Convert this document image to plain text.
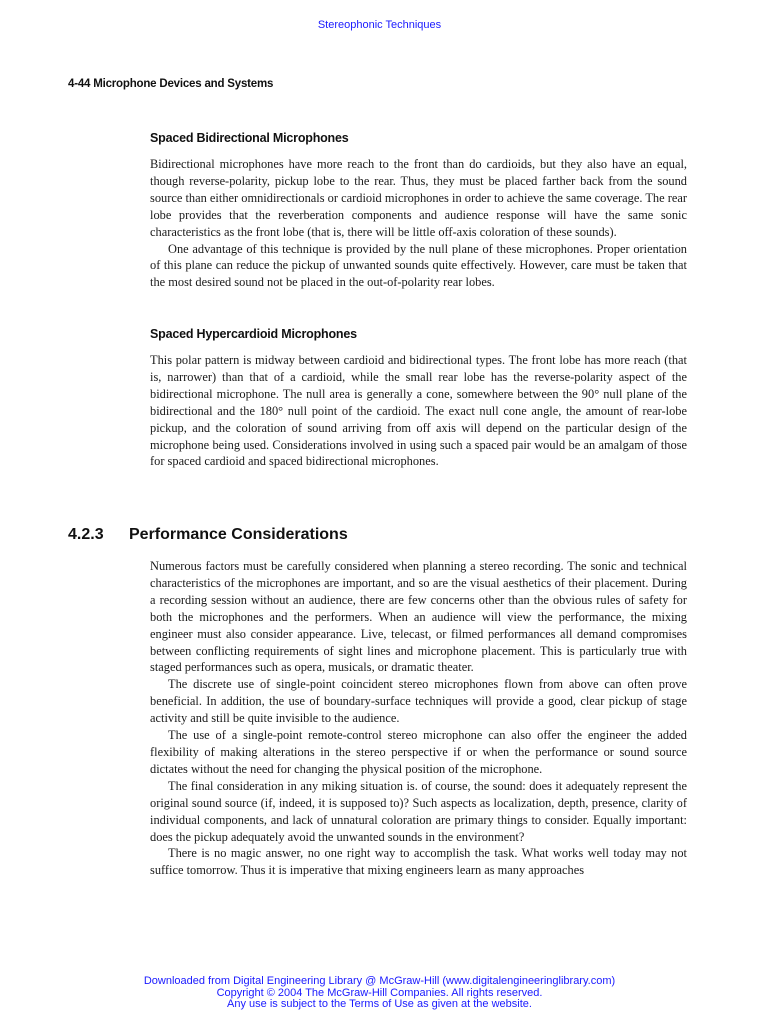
Stereophonic Techniques
4-44 Microphone Devices and Systems
Spaced Bidirectional Microphones

Bidirectional microphones have more reach to the front than do cardioids, but they also have an equal, though reverse-polarity, pickup lobe to the rear. Thus, they must be placed farther back from the sound source than either omnidirectionals or cardioid microphones in order to achieve the same coverage. The rear lobe provides that the reverberation components and audience response will have the same sonic characteristics as the front lobe (that is, there will be little off-axis coloration of these sounds).

One advantage of this technique is provided by the null plane of these microphones. Proper orientation of this plane can reduce the pickup of unwanted sounds quite effectively. However, care must be taken that the most desired sound not be placed in the out-of-polarity rear lobes.

Spaced Hypercardioid Microphones

This polar pattern is midway between cardioid and bidirectional types. The front lobe has more reach (that is, narrower) than that of a cardioid, while the small rear lobe has the reverse-polarity aspect of the bidirectional microphone. The null area is generally a cone, somewhere between the 90° null plane of the bidirectional and the 180° null point of the cardioid. The exact null cone angle, the amount of rear-lobe pickup, and the coloration of sound arriving from off axis will depend on the particular design of the microphone being used. Considerations involved in using such a spaced pair would be an amalgam of those for spaced cardioid and spaced bidirectional microphones.

4.2.3 Performance Considerations

Numerous factors must be carefully considered when planning a stereo recording. The sonic and technical characteristics of the microphones are important, and so are the visual aesthetics of their placement. During a recording session without an audience, there are few concerns other than the obvious rules of safety for both the microphones and the performers. When an audience will view the performance, the mixing engineer must also consider appearance. Live, telecast, or filmed performances all demand compromises between conflicting requirements of sight lines and microphone placement. This is particularly true with staged performances such as opera, musicals, or dramatic theater.

The discrete use of single-point coincident stereo microphones flown from above can often prove beneficial. In addition, the use of boundary-surface techniques will provide a good, clear pickup of stage activity and still be quite invisible to the audience.

The use of a single-point remote-control stereo microphone can also offer the engineer the added flexibility of making alterations in the stereo perspective if or when the performance or sound source dictates without the need for changing the physical position of the microphone.

The final consideration in any miking situation is. of course, the sound: does it adequately represent the original sound source (if, indeed, it is supposed to)? Such aspects as localization, depth, presence, clarity of individual components, and lack of unnatural coloration are primary things to consider. Equally important: does the pickup adequately avoid the unwanted sounds in the environment?

There is no magic answer, no one right way to accomplish the task. What works well today may not suffice tomorrow. Thus it is imperative that mixing engineers learn as many approaches

Downloaded from Digital Engineering Library @ McGraw-Hill (www.digitalengineeringlibrary.com)
Copyright © 2004 The McGraw-Hill Companies. All rights reserved.
Any use is subject to the Terms of Use as given at the website.
